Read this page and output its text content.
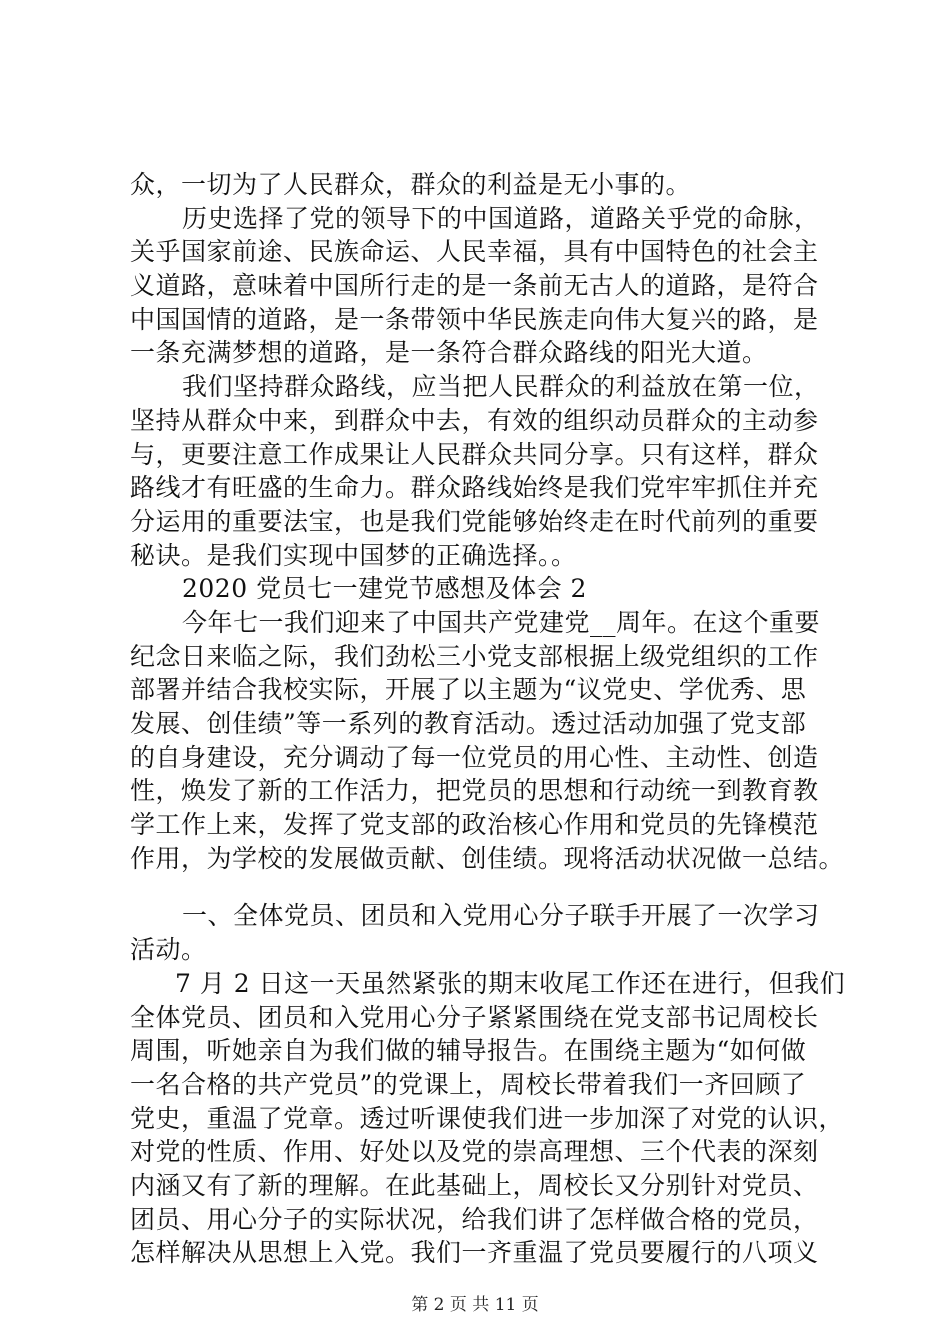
众，一切为了人民群众，群众的利益是无小事的。
历史选择了党的领导下的中国道路，道路关乎党的命脉，
关乎国家前途、民族命运、人民幸福，具有中国特色的社会主
义道路，意味着中国所行走的是一条前无古人的道路，是符合
中国国情的道路，是一条带领中华民族走向伟大复兴的路，是
一条充满梦想的道路，是一条符合群众路线的阳光大道。
我们坚持群众路线，应当把人民群众的利益放在第一位，
坚持从群众中来，到群众中去，有效的组织动员群众的主动参
与，更要注意工作成果让人民群众共同分享。只有这样，群众
路线才有旺盛的生命力。群众路线始终是我们党牢牢抓住并充
分运用的重要法宝，也是我们党能够始终走在时代前列的重要
秘诀。是我们实现中国梦的正确选择。。
2020 党员七一建党节感想及体会 2
今年七一我们迎来了中国共产党建党__周年。在这个重要
纪念日来临之际，我们劲松三小党支部根据上级党组织的工作
部署并结合我校实际，开展了以主题为“议党史、学优秀、思
发展、创佳绩”等一系列的教育活动。透过活动加强了党支部
的自身建设，充分调动了每一位党员的用心性、主动性、创造
性，焕发了新的工作活力，把党员的思想和行动统一到教育教
学工作上来，发挥了党支部的政治核心作用和党员的先锋模范
作用，为学校的发展做贡献、创佳绩。现将活动状况做一总结。
一、全体党员、团员和入党用心分子联手开展了一次学习
活动。
7 月 2 日这一天虽然紧张的期末收尾工作还在进行，但我们
全体党员、团员和入党用心分子紧紧围绕在党支部书记周校长
周围，听她亲自为我们做的辅导报告。在围绕主题为“如何做
一名合格的共产党员”的党课上，周校长带着我们一齐回顾了
党史，重温了党章。透过听课使我们进一步加深了对党的认识，
对党的性质、作用、好处以及党的崇高理想、三个代表的深刻
内涵又有了新的理解。在此基础上，周校长又分别针对党员、
团员、用心分子的实际状况，给我们讲了怎样做合格的党员，
怎样解决从思想上入党。我们一齐重温了党员要履行的八项义
第 2 页 共 11 页
